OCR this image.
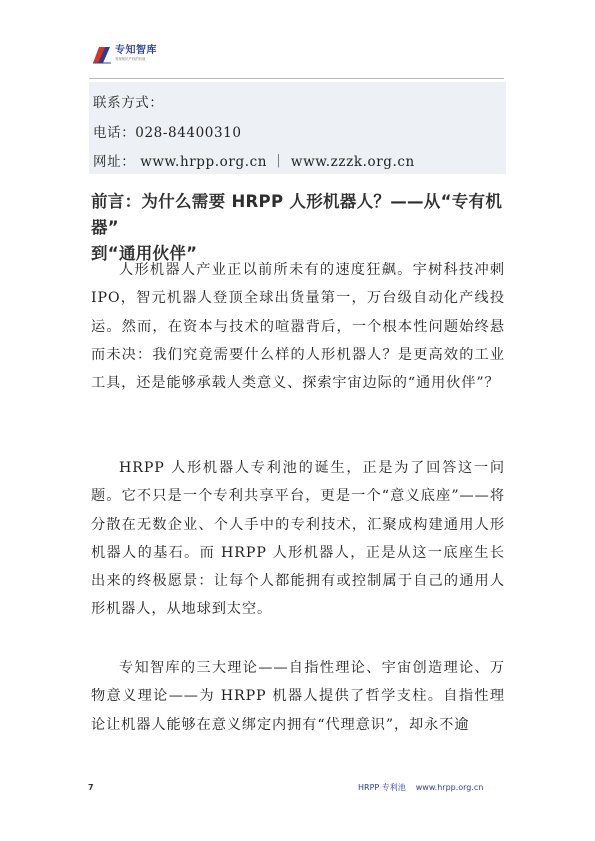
专知智库
发现知识产权的价值
联系方式：
电话：028-84400310
网址： www.hrpp.org.cn ｜ www.zzzk.org.cn
前言：为什么需要 HRPP 人形机器人？——从“专有机器”
到“通用伙伴”

人形机器人产业正以前所未有的速度狂飙。宇树科技冲刺IPO，智元机器人登顶全球出货量第一，万台级自动化产线投运。然而，在资本与技术的喧嚣背后，一个根本性问题始终悬而未决：我们究竟需要什么样的人形机器人？是更高效的工业工具，还是能够承载人类意义、探索宇宙边际的“通用伙伴”？

HRPP 人形机器人专利池的诞生，正是为了回答这一问题。它不只是一个专利共享平台，更是一个“意义底座”——将分散在无数企业、个人手中的专利技术，汇聚成构建通用人形机器人的基石。而 HRPP 人形机器人，正是从这一底座生长出来的终极愿景：让每个人都能拥有或控制属于自己的通用人形机器人，从地球到太空。

专知智库的三大理论——自指性理论、宇宙创造理论、万物意义理论——为 HRPP 机器人提供了哲学支柱。自指性理论让机器人能够在意义绑定内拥有“代理意识”，却永不逾

7	HRPP 专利池 www.hrpp.org.cn
